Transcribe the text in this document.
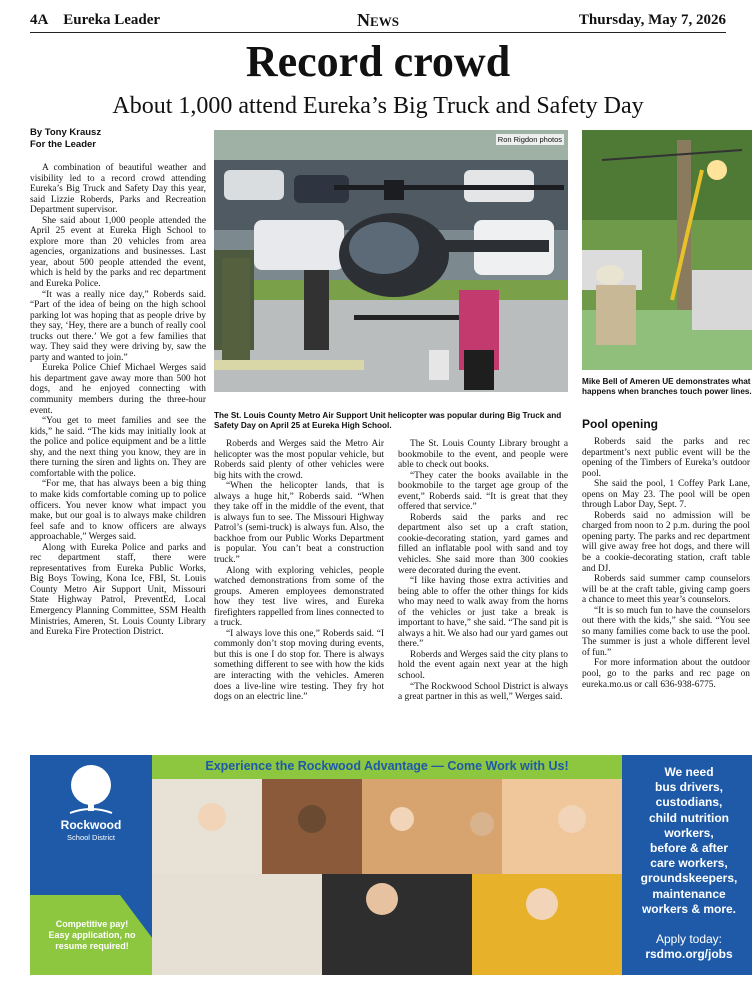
4A Eureka Leader	News	Thursday, May 7, 2026
Record crowd
About 1,000 attend Eureka’s Big Truck and Safety Day
By Tony Krausz
For the Leader

A combination of beautiful weather and visibility led to a record crowd attending Eureka’s Big Truck and Safety Day this year, said Lizzie Roberds, Parks and Recreation Department supervisor.

She said about 1,000 people attended the April 25 event at Eureka High School to explore more than 20 vehicles from area agencies, organizations and businesses. Last year, about 500 people attended the event, which is held by the parks and rec department and Eureka Police.

“It was a really nice day,” Roberds said. “Part of the idea of being on the high school parking lot was hoping that as people drive by they say, ‘Hey, there are a bunch of really cool trucks out there.’ We got a few families that way. They said they were driving by, saw the party and wanted to join.”

Eureka Police Chief Michael Werges said his department gave away more than 500 hot dogs, and he enjoyed connecting with community members during the three-hour event.

“You get to meet families and see the kids,” he said. “The kids may initially look at the police and police equipment and be a little shy, and the next thing you know, they are in there turning the siren and lights on. They are comfortable with the police.

“For me, that has always been a big thing to make kids comfortable coming up to police officers. You never know what impact you make, but our goal is to always make children feel safe and to know officers are always approachable,” Werges said.

Along with Eureka Police and parks and rec department staff, there were representatives from Eureka Public Works, Big Boys Towing, Kona Ice, FBI, St. Louis County Metro Air Support Unit, Missouri State Highway Patrol, PreventEd, Local Emergency Planning Committee, SSM Health Ministries, Ameren, St. Louis County Library and Eureka Fire Protection District.

Ron Rigdon photos
The St. Louis County Metro Air Support Unit helicopter was popular during Big Truck and Safety Day on April 25 at Eureka High School.
Mike Bell of Ameren UE demonstrates what happens when branches touch power lines.

Roberds and Werges said the Metro Air helicopter was the most popular vehicle, but Roberds said plenty of other vehicles were big hits with the crowd.

“When the helicopter lands, that is always a huge hit,” Roberds said. “When they take off in the middle of the event, that is always fun to see. The Missouri Highway Patrol’s (semi-truck) is always fun. Also, the backhoe from our Public Works Department is popular. You can’t beat a construction truck.”

Along with exploring vehicles, people watched demonstrations from some of the groups. Ameren employees demonstrated how they test live wires, and Eureka firefighters rappelled from lines connected to a truck.

“I always love this one,” Roberds said. “I commonly don’t stop moving during events, but this is one I do stop for. There is always something different to see with how the kids are interacting with the vehicles. Ameren does a live-line wire testing. They fry hot dogs on an electric line.”

The St. Louis County Library brought a bookmobile to the event, and people were able to check out books.

“They cater the books available in the bookmobile to the target age group of the event,” Roberds said. “It is great that they offered that service.”

Roberds said the parks and rec department also set up a craft station, cookie-decorating station, yard games and filled an inflatable pool with sand and toy vehicles. She said more than 300 cookies were decorated during the event.

“I like having those extra activities and being able to offer the other things for kids who may need to walk away from the horns of the vehicles or just take a break is important to have,” she said. “The sand pit is always a hit. We also had our yard games out there.”

Roberds and Werges said the city plans to hold the event again next year at the high school.

“The Rockwood School District is always a great partner in this as well,” Werges said.

Pool opening

Roberds said the parks and rec department’s next public event will be the opening of the Timbers of Eureka’s outdoor pool.

She said the pool, 1 Coffey Park Lane, opens on May 23. The pool will be open through Labor Day, Sept. 7.

Roberds said no admission will be charged from noon to 2 p.m. during the pool opening party. The parks and rec department will give away free hot dogs, and there will be a cookie-decorating station, craft table and DJ.

Roberds said summer camp counselors will be at the craft table, giving camp goers a chance to meet this year’s counselors.

“It is so much fun to have the counselors out there with the kids,” she said. “You see so many families come back to use the pool. The summer is just a whole different level of fun.”

For more information about the outdoor pool, go to the parks and rec page on eureka.mo.us or call 636-938-6775.

Rockwood
School District
Competitive pay! Easy application, no resume required!
Experience the Rockwood Advantage — Come Work with Us!	We need
bus drivers,
custodians,
child nutrition
workers,
before & after
care workers,
groundskeepers,
maintenance
workers & more.
Apply today:
rsdmo.org/jobs
